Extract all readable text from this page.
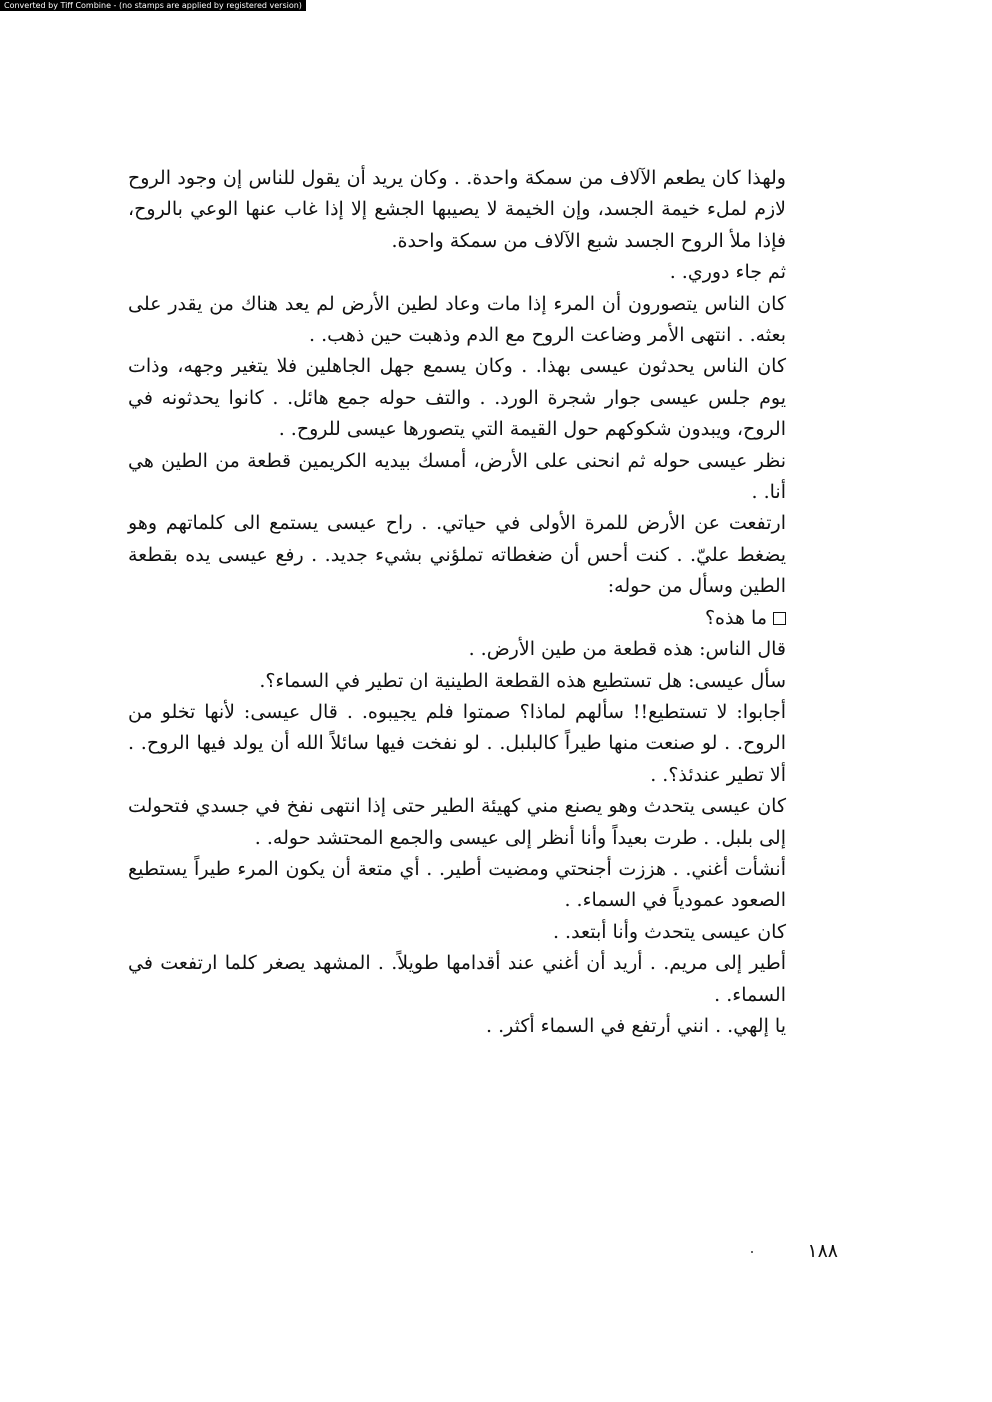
Converted by Tiff Combine - (no stamps are applied by registered version)

ولهذا كان يطعم الآلاف من سمكة واحدة. . وكان يريد أن يقول للناس إن وجود الروح لازم لملء خيمة الجسد، وإن الخيمة لا يصيبها الجشع إلا إذا غاب عنها الوعي بالروح، فإذا ملأ الروح الجسد شبع الآلاف من سمكة واحدة.

ثم جاء دوري. .

كان الناس يتصورون أن المرء إذا مات وعاد لطين الأرض لم يعد هناك من يقدر على بعثه. . انتهى الأمر وضاعت الروح مع الدم وذهبت حين ذهب. .

كان الناس يحدثون عيسى بهذا. . وكان يسمع جهل الجاهلين فلا يتغير وجهه، وذات يوم جلس عيسى جوار شجرة الورد. . والتف حوله جمع هائل. . كانوا يحدثونه في الروح، ويبدون شكوكهم حول القيمة التي يتصورها عيسى للروح. .

نظر عيسى حوله ثم انحنى على الأرض، أمسك بيديه الكريمين قطعة من الطين هي أنا. .

ارتفعت عن الأرض للمرة الأولى في حياتي. . راح عيسى يستمع الى كلماتهم وهو يضغط عليّ. . كنت أحس أن ضغطاته تملؤني بشيء جديد. . رفع عيسى يده بقطعة الطين وسأل من حوله:

ما هذه؟

قال الناس: هذه قطعة من طين الأرض. .

سأل عيسى: هل تستطيع هذه القطعة الطينية ان تطير في السماء؟.

أجابوا: لا تستطيع!! سألهم لماذا؟ صمتوا فلم يجيبوه. . قال عيسى: لأنها تخلو من الروح. . لو صنعت منها طيراً كالبلبل. . لو نفخت فيها سائلاً الله أن يولد فيها الروح. . ألا تطير عندئذ؟. .

كان عيسى يتحدث وهو يصنع مني كهيئة الطير حتى إذا انتهى نفخ في جسدي فتحولت إلى بلبل. . طرت بعيداً وأنا أنظر إلى عيسى والجمع المحتشد حوله. .

أنشأت أغني. . هززت أجنحتي ومضيت أطير. . أي متعة أن يكون المرء طيراً يستطيع الصعود عمودياً في السماء. .

كان عيسى يتحدث وأنا أبتعد. .

أطير إلى مريم. . أريد أن أغني عند أقدامها طويلاً. . المشهد يصغر كلما ارتفعت في السماء. .

يا إلهي. . انني أرتفع في السماء أكثر. .

١٨٨
